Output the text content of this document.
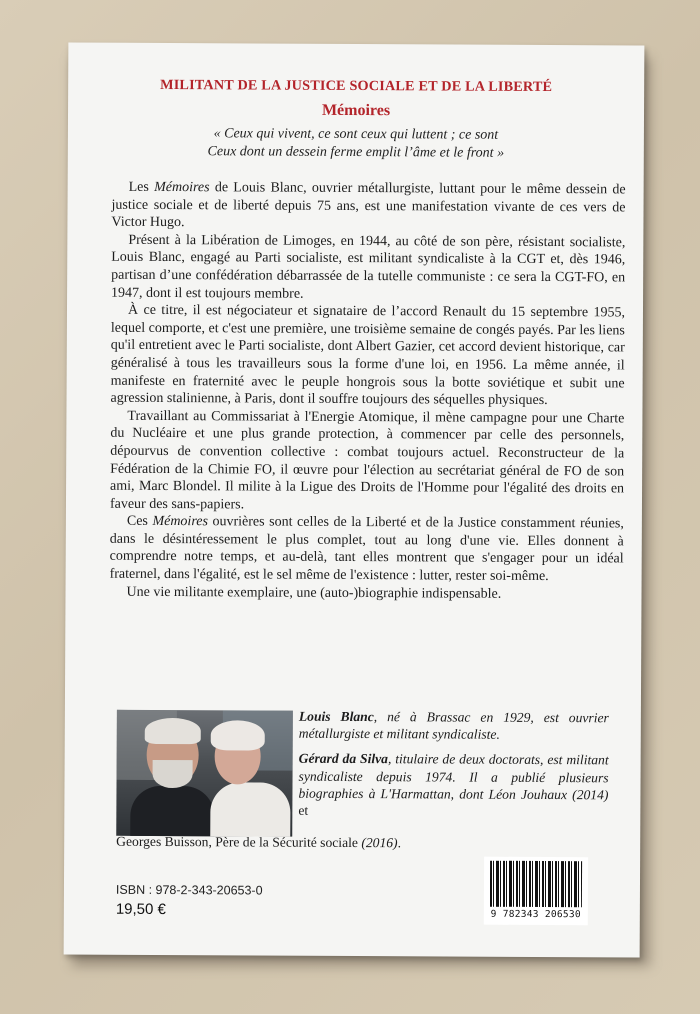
MILITANT DE LA JUSTICE SOCIALE ET DE LA LIBERTÉ
Mémoires
« Ceux qui vivent, ce sont ceux qui luttent ; ce sont
Ceux dont un dessein ferme emplit l’âme et le front »

Les Mémoires de Louis Blanc, ouvrier métallurgiste, luttant pour le même dessein de justice sociale et de liberté depuis 75 ans, est une manifestation vivante de ces vers de Victor Hugo.

Présent à la Libération de Limoges, en 1944, au côté de son père, résistant socialiste, Louis Blanc, engagé au Parti socialiste, est militant syndicaliste à la CGT et, dès 1946, partisan d’une confédération débarrassée de la tutelle communiste : ce sera la CGT-FO, en 1947, dont il est toujours membre.

À ce titre, il est négociateur et signataire de l’accord Renault du 15 septembre 1955, lequel comporte, et c'est une première, une troisième semaine de congés payés. Par les liens qu'il entretient avec le Parti socialiste, dont Albert Gazier, cet accord devient historique, car généralisé à tous les travailleurs sous la forme d'une loi, en 1956. La même année, il manifeste en fraternité avec le peuple hongrois sous la botte soviétique et subit une agression stalinienne, à Paris, dont il souffre toujours des séquelles physiques.

Travaillant au Commissariat à l'Energie Atomique, il mène campagne pour une Charte du Nucléaire et une plus grande protection, à commencer par celle des personnels, dépourvus de convention collective : combat toujours actuel. Reconstructeur de la Fédération de la Chimie FO, il œuvre pour l'élection au secrétariat général de FO de son ami, Marc Blondel. Il milite à la Ligue des Droits de l'Homme pour l'égalité des droits en faveur des sans-papiers.

Ces Mémoires ouvrières sont celles de la Liberté et de la Justice constamment réunies, dans le désintéressement le plus complet, tout au long d'une vie. Elles donnent à comprendre notre temps, et au-delà, tant elles montrent que s'engager pour un idéal fraternel, dans l'égalité, est le sel même de l'existence : lutter, rester soi-même.

Une vie militante exemplaire, une (auto-)biographie indispensable.

Louis Blanc, né à Brassac en 1929, est ouvrier métallurgiste et militant syndicaliste.

Gérard da Silva, titulaire de deux doctorats, est militant syndicaliste depuis 1974. Il a publié plusieurs biographies à L'Harmattan, dont Léon Jouhaux (2014) et

Georges Buisson, Père de la Sécurité sociale (2016).
ISBN : 978-2-343-20653-0
19,50 €	9 782343 206530
